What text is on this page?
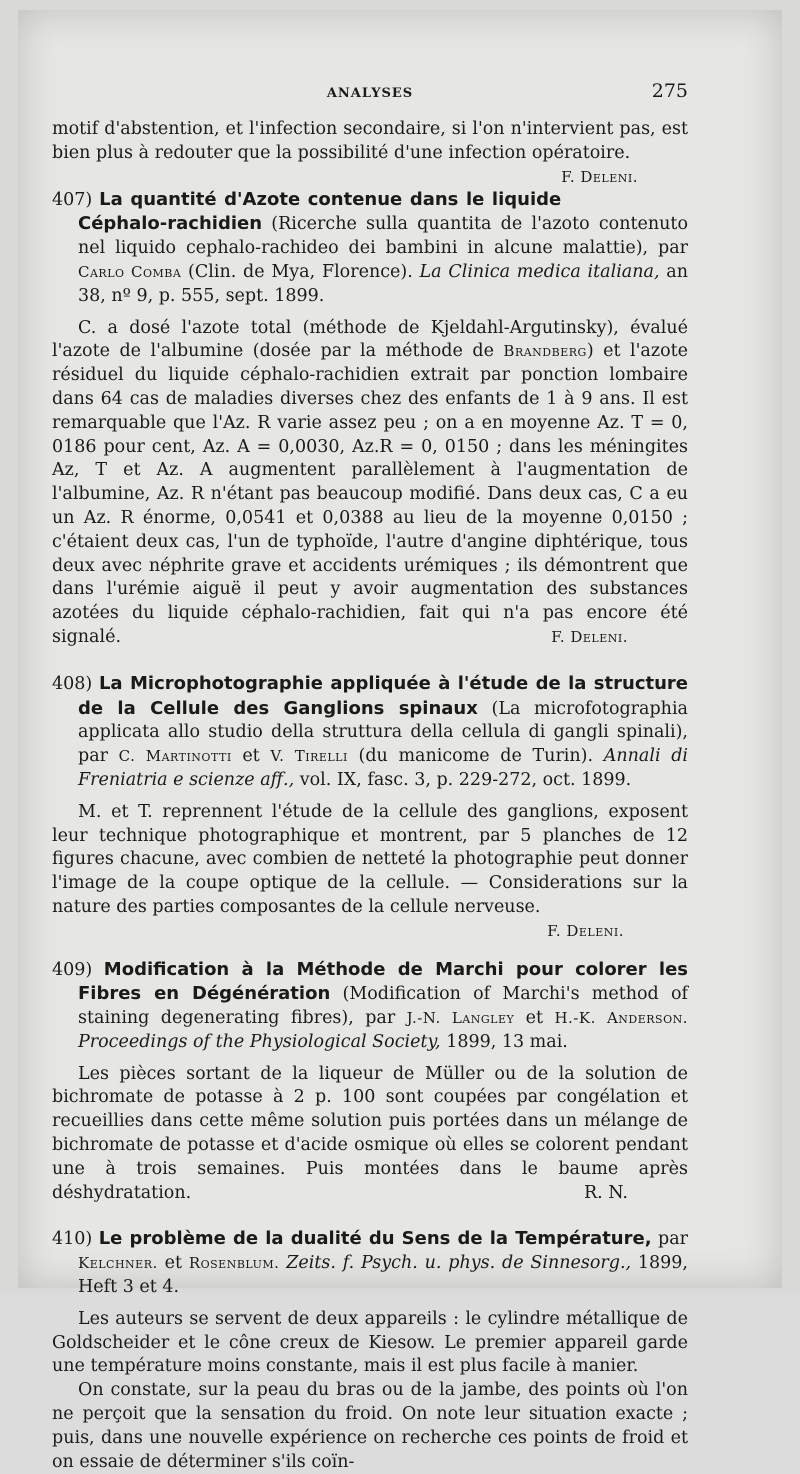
ANALYSES	275

motif d'abstention, et l'infection secondaire, si l'on n'intervient pas, est bien plus à redouter que la possibilité d'une infection opératoire.
F. Deleni.

407) La quantité d'Azote contenue dans le liquide Céphalo-rachidien (Ricerche sulla quantita de l'azoto contenuto nel liquido cephalo-rachideo dei bambini in alcune malattie), par Carlo Comba (Clin. de Mya, Florence). La Clinica medica italiana, an 38, nº 9, p. 555, sept. 1899.

C. a dosé l'azote total (méthode de Kjeldahl-Argutinsky), évalué l'azote de l'albumine (dosée par la méthode de Brandberg) et l'azote résiduel du liquide céphalo-rachidien extrait par ponction lombaire dans 64 cas de maladies diverses chez des enfants de 1 à 9 ans. Il est remarquable que l'Az. R varie assez peu ; on a en moyenne Az. T = 0, 0186 pour cent, Az. A = 0,0030, Az.R = 0, 0150 ; dans les méningites Az, T et Az. A augmentent parallèlement à l'augmentation de l'albumine, Az. R n'étant pas beaucoup modifié. Dans deux cas, C a eu un Az. R énorme, 0,0541 et 0,0388 au lieu de la moyenne 0,0150 ; c'étaient deux cas, l'un de typhoïde, l'autre d'angine diphtérique, tous deux avec néphrite grave et accidents urémiques ; ils démontrent que dans l'urémie aiguë il peut y avoir augmentation des substances azotées du liquide céphalo-rachidien, fait qui n'a pas encore été signalé.	F. Deleni.

408) La Microphotographie appliquée à l'étude de la structure de la Cellule des Ganglions spinaux (La microfotographia applicata allo studio della struttura della cellula di gangli spinali), par C. Martinotti et V. Tirelli (du manicome de Turin). Annali di Freniatria e scienze aff., vol. IX, fasc. 3, p. 229-272, oct. 1899.

M. et T. reprennent l'étude de la cellule des ganglions, exposent leur technique photographique et montrent, par 5 planches de 12 figures chacune, avec combien de netteté la photographie peut donner l'image de la coupe optique de la cellule. — Considerations sur la nature des parties composantes de la cellule nerveuse.

F. Deleni.

409) Modification à la Méthode de Marchi pour colorer les Fibres en Dégénération (Modification of Marchi's method of staining degenerating fibres), par J.-N. Langley et H.-K. Anderson. Proceedings of the Physiological Society, 1899, 13 mai.

Les pièces sortant de la liqueur de Müller ou de la solution de bichromate de potasse à 2 p. 100 sont coupées par congélation et recueillies dans cette même solution puis portées dans un mélange de bichromate de potasse et d'acide osmique où elles se colorent pendant une à trois semaines. Puis montées dans le baume après déshydratation.	R. N.

410) Le problème de la dualité du Sens de la Température, par Kelchner. et Rosenblum. Zeits. f. Psych. u. phys. de Sinnesorg., 1899, Heft 3 et 4.

Les auteurs se servent de deux appareils : le cylindre métallique de Goldscheider et le cône creux de Kiesow. Le premier appareil garde une température moins constante, mais il est plus facile à manier.

On constate, sur la peau du bras ou de la jambe, des points où l'on ne perçoit que la sensation du froid. On note leur situation exacte ; puis, dans une nouvelle expérience on recherche ces points de froid et on essaie de déterminer s'ils coïn-
